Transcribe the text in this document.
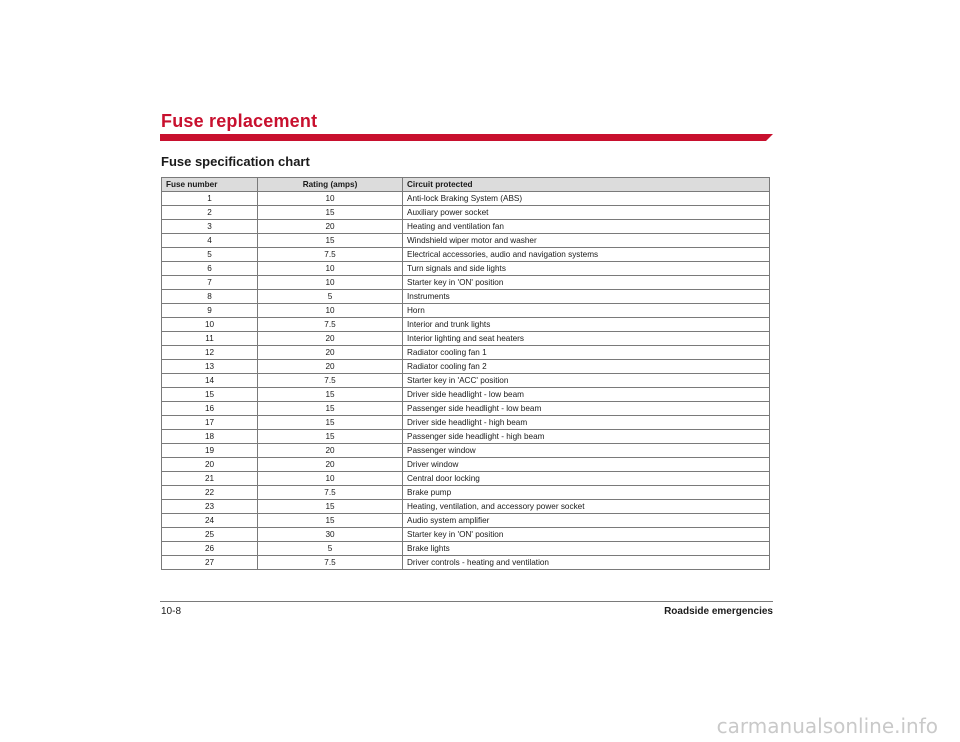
Fuse replacement
Fuse specification chart
Fuse number	Rating (amps)	Circuit protected
1	10	Anti-lock Braking System (ABS)
2	15	Auxiliary power socket
3	20	Heating and ventilation fan
4	15	Windshield wiper motor and washer
5	7.5	Electrical accessories, audio and navigation systems
6	10	Turn signals and side lights
7	10	Starter key in 'ON' position
8	5	Instruments
9	10	Horn
10	7.5	Interior and trunk lights
11	20	Interior lighting and seat heaters
12	20	Radiator cooling fan 1
13	20	Radiator cooling fan 2
14	7.5	Starter key in 'ACC' position
15	15	Driver side headlight - low beam
16	15	Passenger side headlight - low beam
17	15	Driver side headlight - high beam
18	15	Passenger side headlight - high beam
19	20	Passenger window
20	20	Driver window
21	10	Central door locking
22	7.5	Brake pump
23	15	Heating, ventilation, and accessory power socket
24	15	Audio system amplifier
25	30	Starter key in 'ON' position
26	5	Brake lights
27	7.5	Driver controls - heating and ventilation
10-8	Roadside emergencies
carmanualsonline.info
